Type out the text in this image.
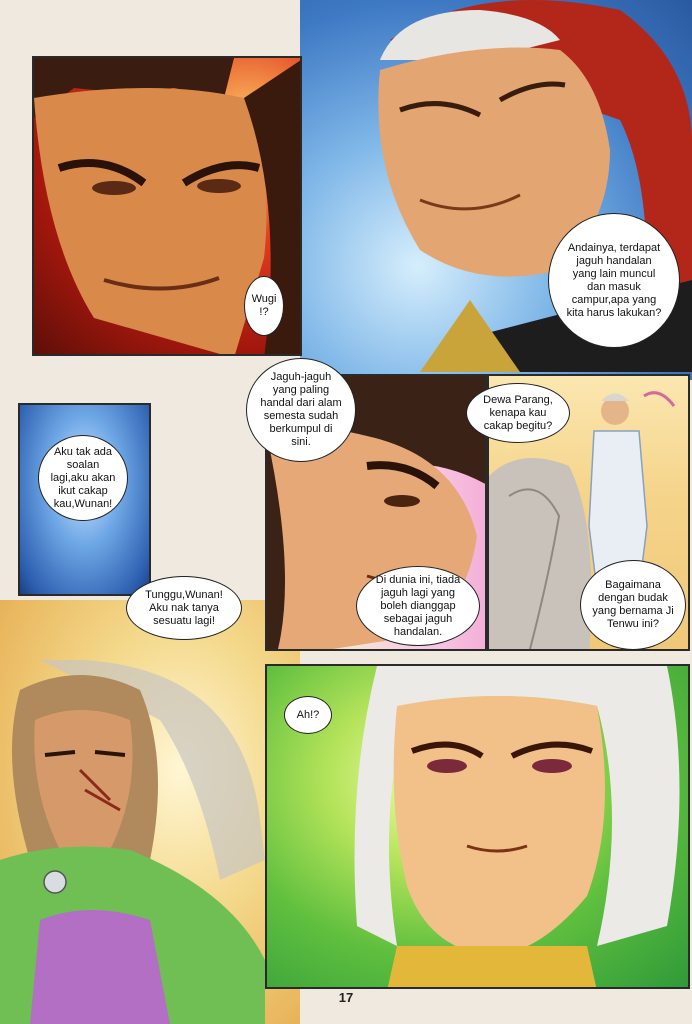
Wugi !?
Andainya, terdapat jaguh handalan yang lain muncul dan masuk campur,apa yang kita harus lakukan?
Jaguh-jaguh yang paling handal dari alam semesta sudah berkumpul di sini.
Dewa Parang, kenapa kau cakap begitu?
Aku tak ada soalan lagi,aku akan ikut cakap kau,Wunan!
Tunggu,Wunan! Aku nak tanya sesuatu lagi!
Di dunia ini, tiada jaguh lagi yang boleh dianggap sebagai jaguh handalan.
Bagaimana dengan budak yang bernama Ji Tenwu ini?
Ah!?
17
